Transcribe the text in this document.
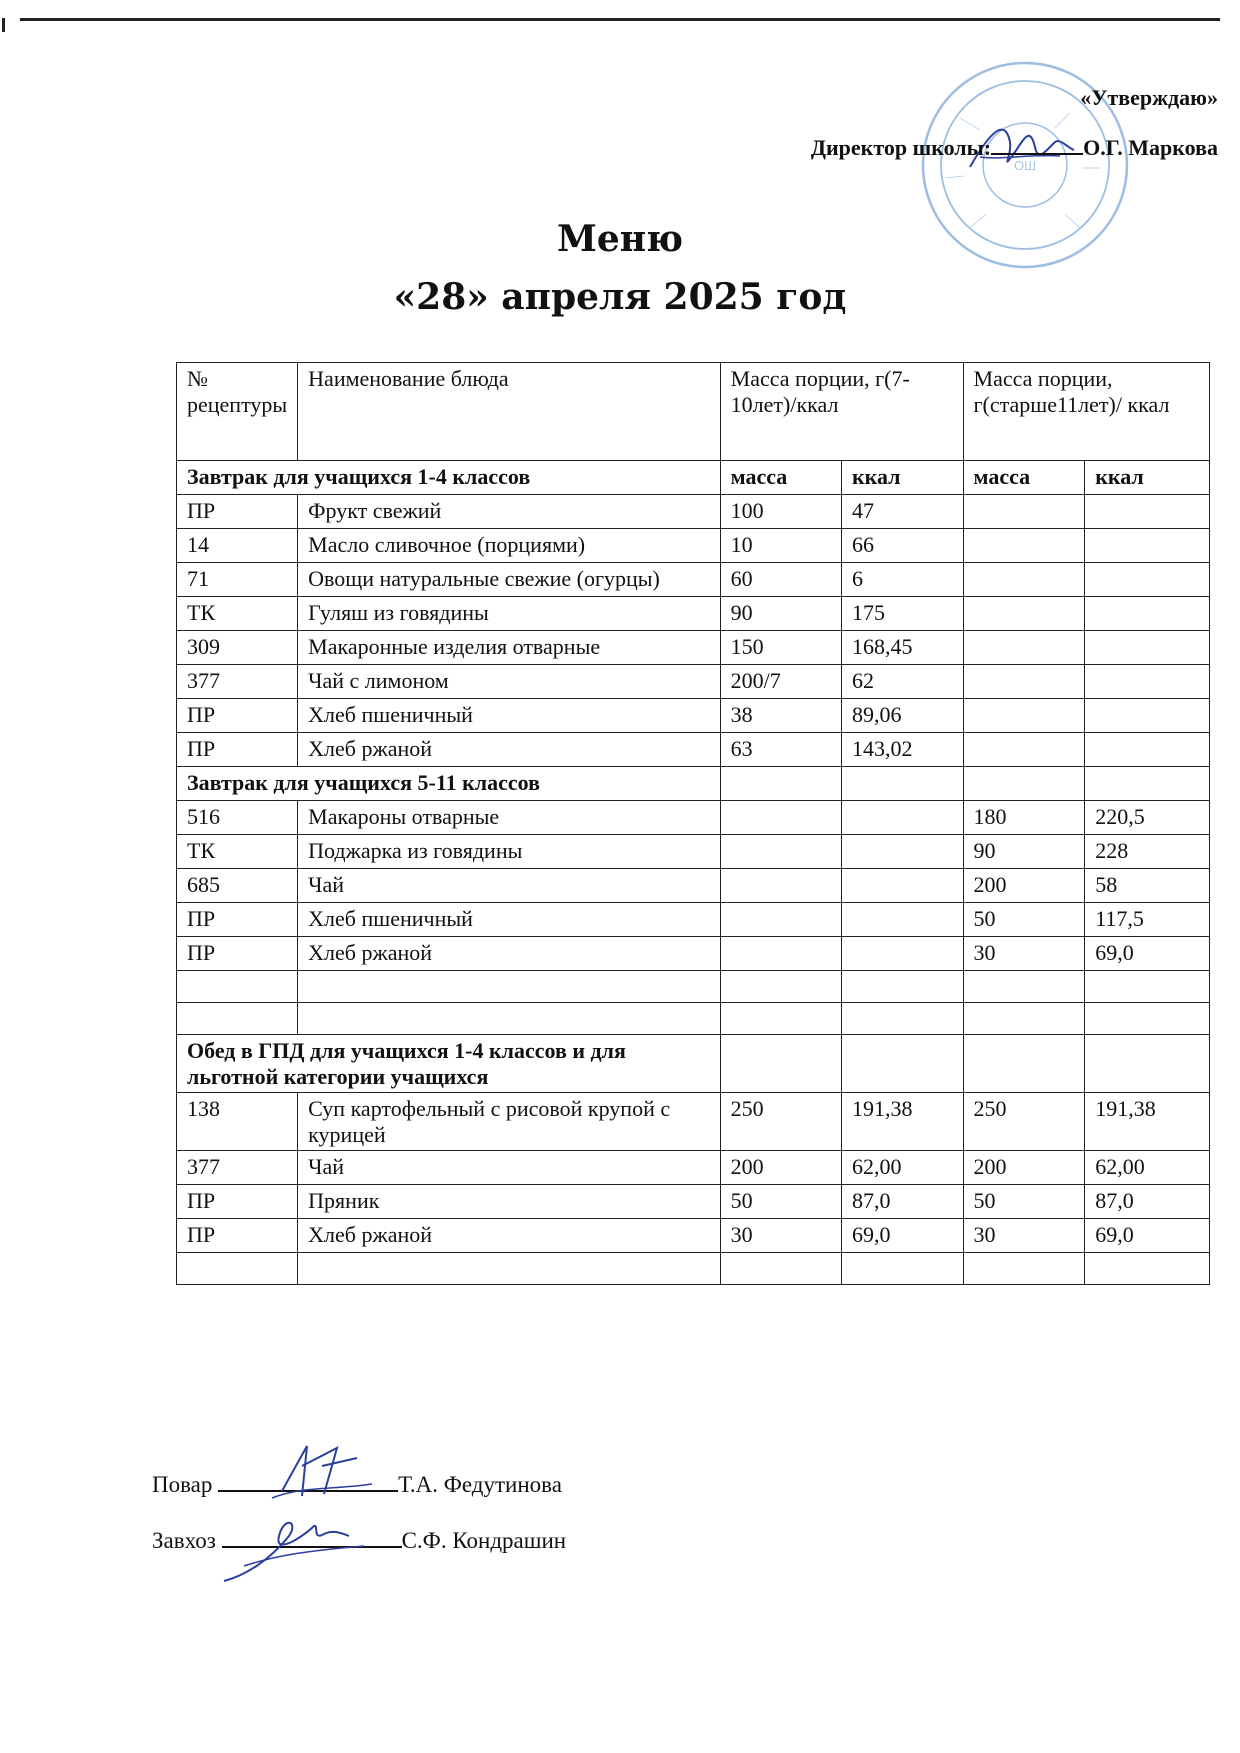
ОШ
«Утверждаю»
Директор школы:	О.Г. Маркова
Меню
«28» апреля 2025 год
№ рецептуры	Наименование блюда	Масса порции, г(7-10лет)/ккал		Масса порции, г(старше11лет)/ ккал	
Завтрак для учащихся 1-4 классов		масса	ккал	масса	ккал
ПР	Фрукт свежий	100	47		
14	Масло сливочное (порциями)	10	66		
71	Овощи натуральные свежие (огурцы)	60	6		
ТК	Гуляш из говядины	90	175		
309	Макаронные изделия отварные	150	168,45		
377	Чай с лимоном	200/7	62		
ПР	Хлеб пшеничный	38	89,06		
ПР	Хлеб ржаной	63	143,02		
Завтрак для учащихся 5-11 классов					
516	Макароны отварные			180	220,5
ТК	Поджарка из говядины			90	228
685	Чай			200	58
ПР	Хлеб пшеничный			50	117,5
ПР	Хлеб ржаной			30	69,0

Обед в ГПД для учащихся 1-4 классов и для льготной категории учащихся					
138	Суп картофельный с рисовой крупой с курицей	250	191,38	250	191,38
377	Чай	200	62,00	200	62,00
ПР	Пряник	50	87,0	50	87,0
ПР	Хлеб ржаной	30	69,0	30	69,0

Повар	Т.А. Федутинова
Завхоз	С.Ф. Кондрашин
